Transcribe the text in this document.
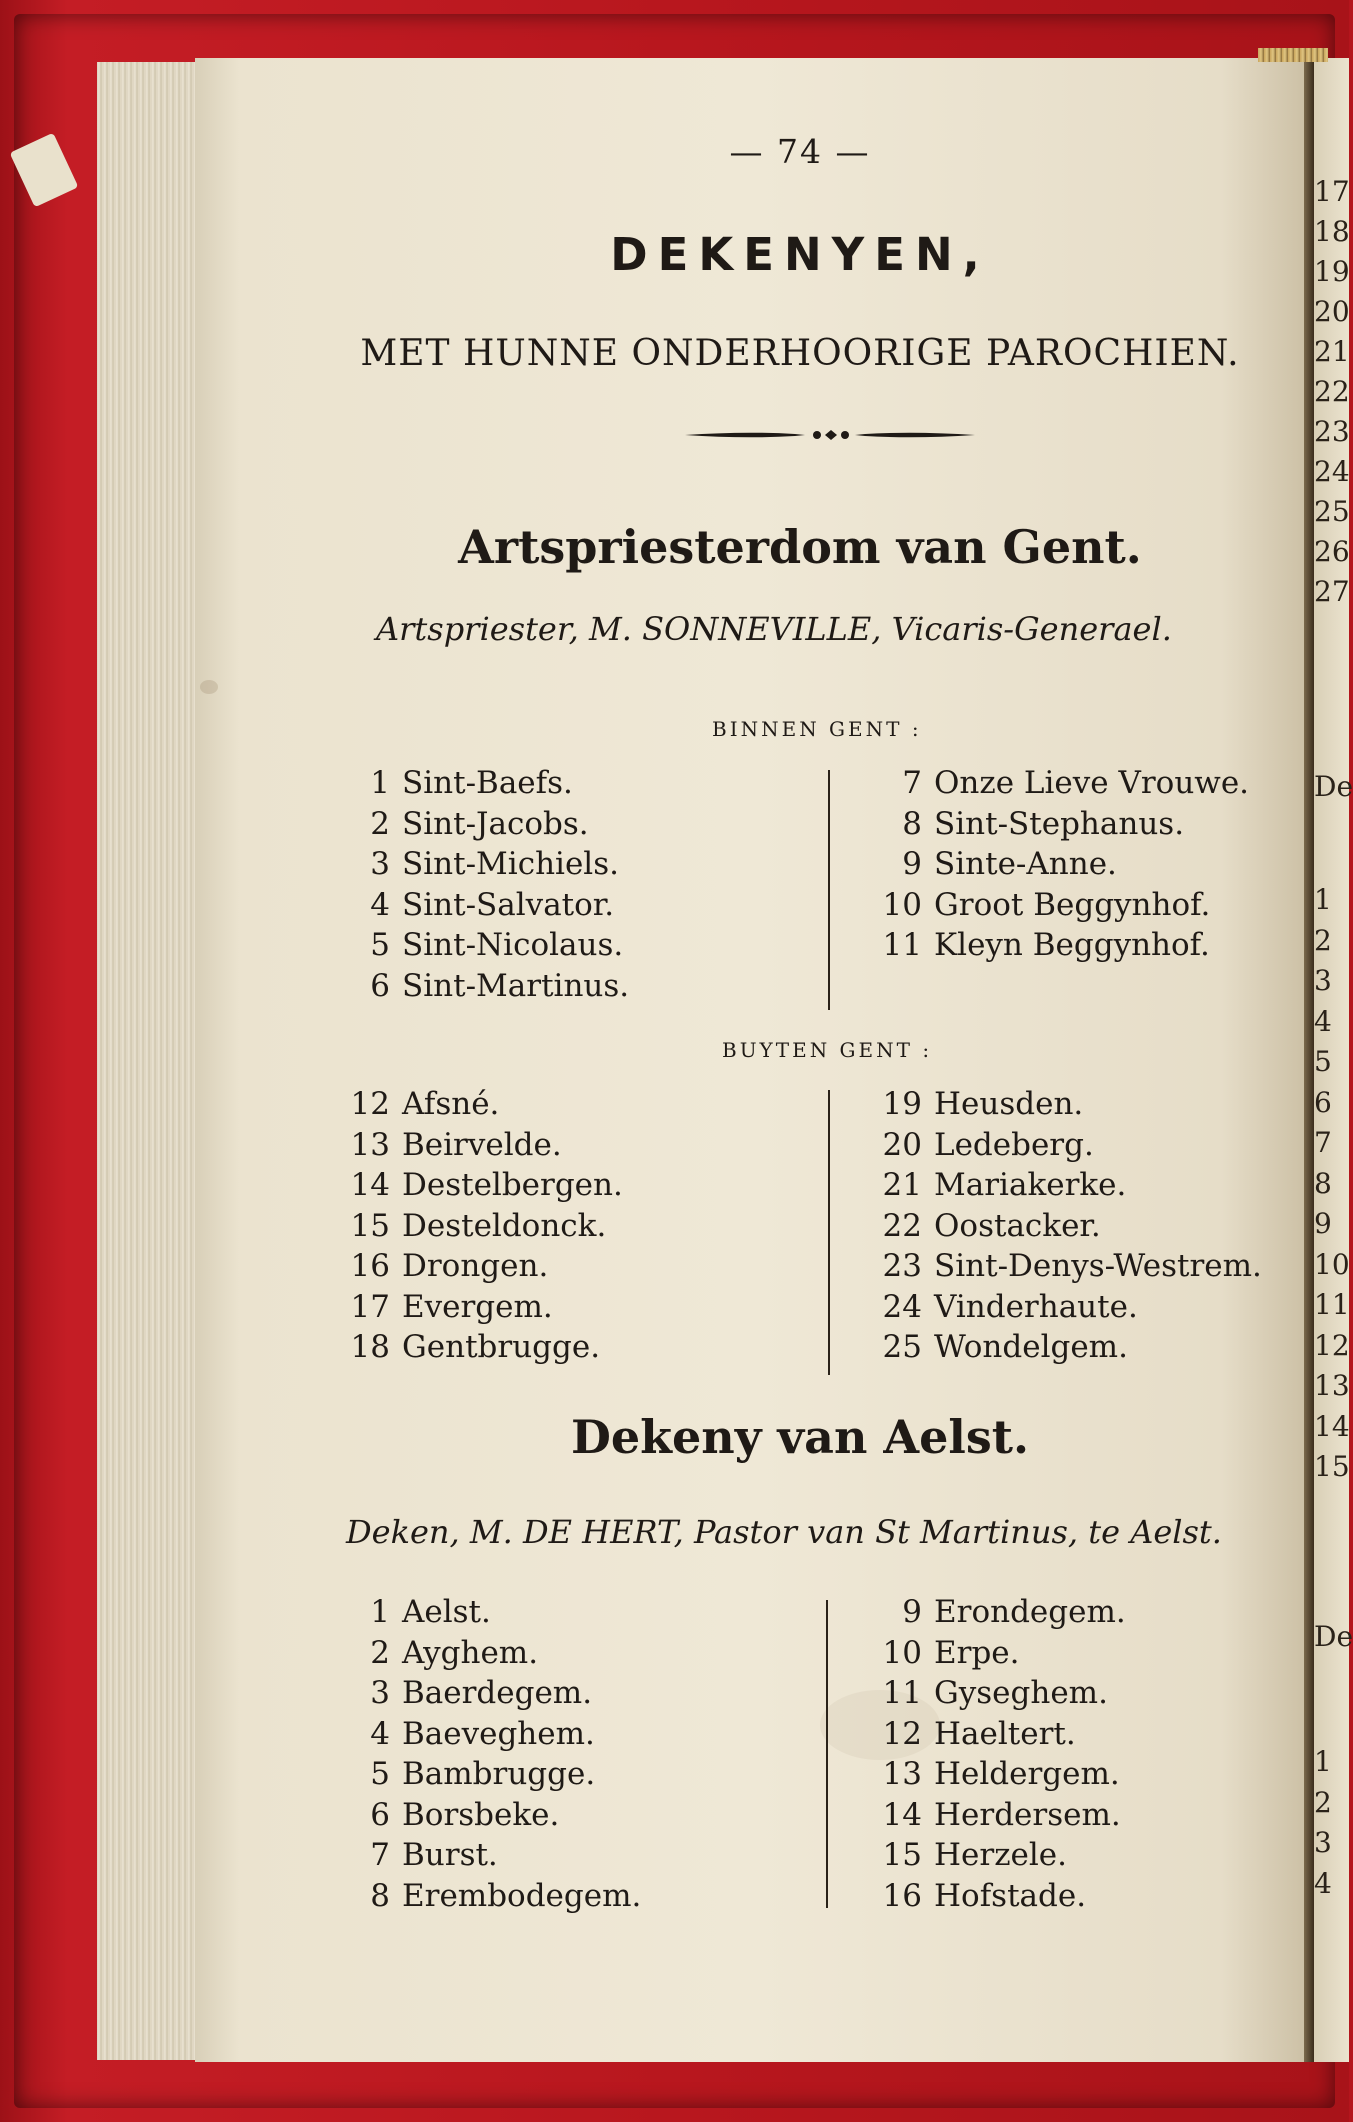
— 74 —
DEKENYEN,
MET HUNNE ONDERHOORIGE PAROCHIEN.
Artspriesterdom van Gent.
Artspriester, M. SONNEVILLE, Vicaris-Generael.
BINNEN GENT :
1 Sint-Baefs.
2 Sint-Jacobs.
3 Sint-Michiels.
4 Sint-Salvator.
5 Sint-Nicolaus.
6 Sint-Martinus.
7 Onze Lieve Vrouwe.
8 Sint-Stephanus.
9 Sinte-Anne.
10 Groot Beggynhof.
11 Kleyn Beggynhof.
BUYTEN GENT :
12 Afsné.
13 Beirvelde.
14 Destelbergen.
15 Desteldonck.
16 Drongen.
17 Evergem.
18 Gentbrugge.
19 Heusden.
20 Ledeberg.
21 Mariakerke.
22 Oostacker.
23 Sint-Denys-Westrem.
24 Vinderhaute.
25 Wondelgem.
Dekeny van Aelst.
Deken, M. DE HERT, Pastor van St Martinus, te Aelst.
1 Aelst.
2 Ayghem.
3 Baerdegem.
4 Baeveghem.
5 Bambrugge.
6 Borsbeke.
7 Burst.
8 Erembodegem.
9 Erondegem.
10 Erpe.
11 Gyseghem.
12 Haeltert.
13 Heldergem.
14 Herdersem.
15 Herzele.
16 Hofstade.
17
18
19
20
21
22
23
24
25
26
27
De
1
2
3
4
5
6
7
8
9
10
11
12
13
14
15
De
1
2
3
4
